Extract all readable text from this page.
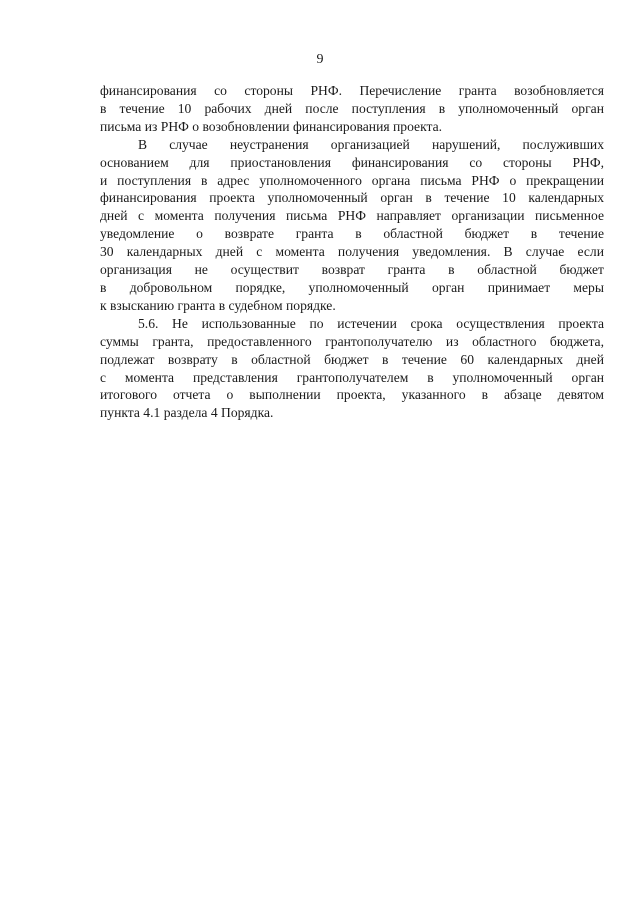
9

финансирования со стороны РНФ. Перечисление гранта возобновляется
в течение 10 рабочих дней после поступления в уполномоченный орган
письма из РНФ о возобновлении финансирования проекта.

В случае неустранения организацией нарушений, послуживших
основанием для приостановления финансирования со стороны РНФ,
и поступления в адрес уполномоченного органа письма РНФ о прекращении
финансирования проекта уполномоченный орган в течение 10 календарных
дней с момента получения письма РНФ направляет организации письменное
уведомление о возврате гранта в областной бюджет в течение
30 календарных дней с момента получения уведомления. В случае если
организация не осуществит возврат гранта в областной бюджет
в добровольном порядке, уполномоченный орган принимает меры
к взысканию гранта в судебном порядке.

5.6. Не использованные по истечении срока осуществления проекта
суммы гранта, предоставленного грантополучателю из областного бюджета,
подлежат возврату в областной бюджет в течение 60 календарных дней
с момента представления грантополучателем в уполномоченный орган
итогового отчета о выполнении проекта, указанного в абзаце девятом
пункта 4.1 раздела 4 Порядка.
